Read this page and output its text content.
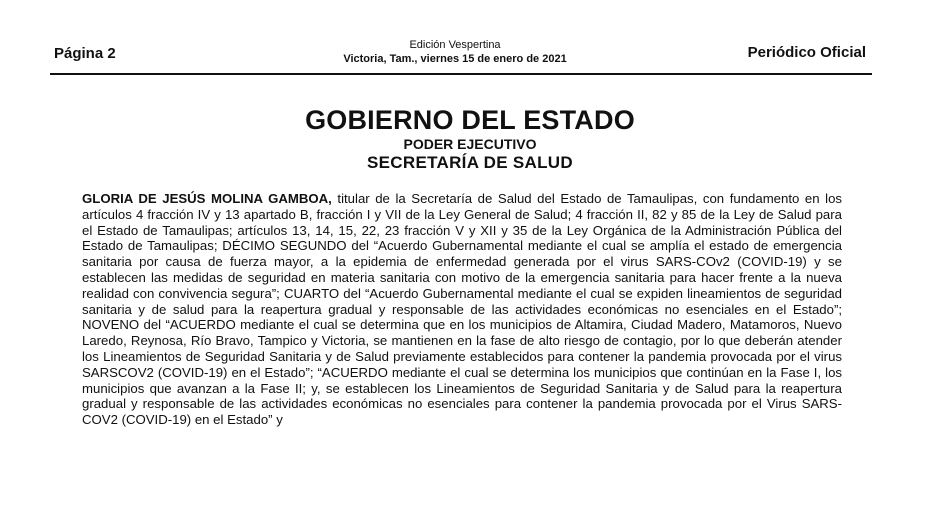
Página 2	Edición Vespertina
Victoria, Tam., viernes 15 de enero de 2021	Periódico Oficial
GOBIERNO DEL ESTADO
PODER EJECUTIVO
SECRETARÍA DE SALUD
GLORIA DE JESÚS MOLINA GAMBOA, titular de la Secretaría de Salud del Estado de Tamaulipas, con fundamento en los artículos 4 fracción IV y 13 apartado B, fracción I y VII de la Ley General de Salud; 4 fracción II, 82 y 85 de la Ley de Salud para el Estado de Tamaulipas; artículos 13, 14, 15, 22, 23 fracción V y XII y 35 de la Ley Orgánica de la Administración Pública del Estado de Tamaulipas; DÉCIMO SEGUNDO del “Acuerdo Gubernamental mediante el cual se amplía el estado de emergencia sanitaria por causa de fuerza mayor, a la epidemia de enfermedad generada por el virus SARS-COv2 (COVID-19) y se establecen las medidas de seguridad en materia sanitaria con motivo de la emergencia sanitaria para hacer frente a la nueva realidad con convivencia segura”; CUARTO del “Acuerdo Gubernamental mediante el cual se expiden lineamientos de seguridad sanitaria y de salud para la reapertura gradual y responsable de las actividades económicas no esenciales en el Estado”; NOVENO del “ACUERDO mediante el cual se determina que en los municipios de Altamira, Ciudad Madero, Matamoros, Nuevo Laredo, Reynosa, Río Bravo, Tampico y Victoria, se mantienen en la fase de alto riesgo de contagio, por lo que deberán atender los Lineamientos de Seguridad Sanitaria y de Salud previamente establecidos para contener la pandemia provocada por el virus SARSCOV2 (COVID-19) en el Estado”; “ACUERDO mediante el cual se determina los municipios que continúan en la Fase I, los municipios que avanzan a la Fase II; y, se establecen los Lineamientos de Seguridad Sanitaria y de Salud para la reapertura gradual y responsable de las actividades económicas no esenciales para contener la pandemia provocada por el Virus SARS-COV2 (COVID-19) en el Estado” y
